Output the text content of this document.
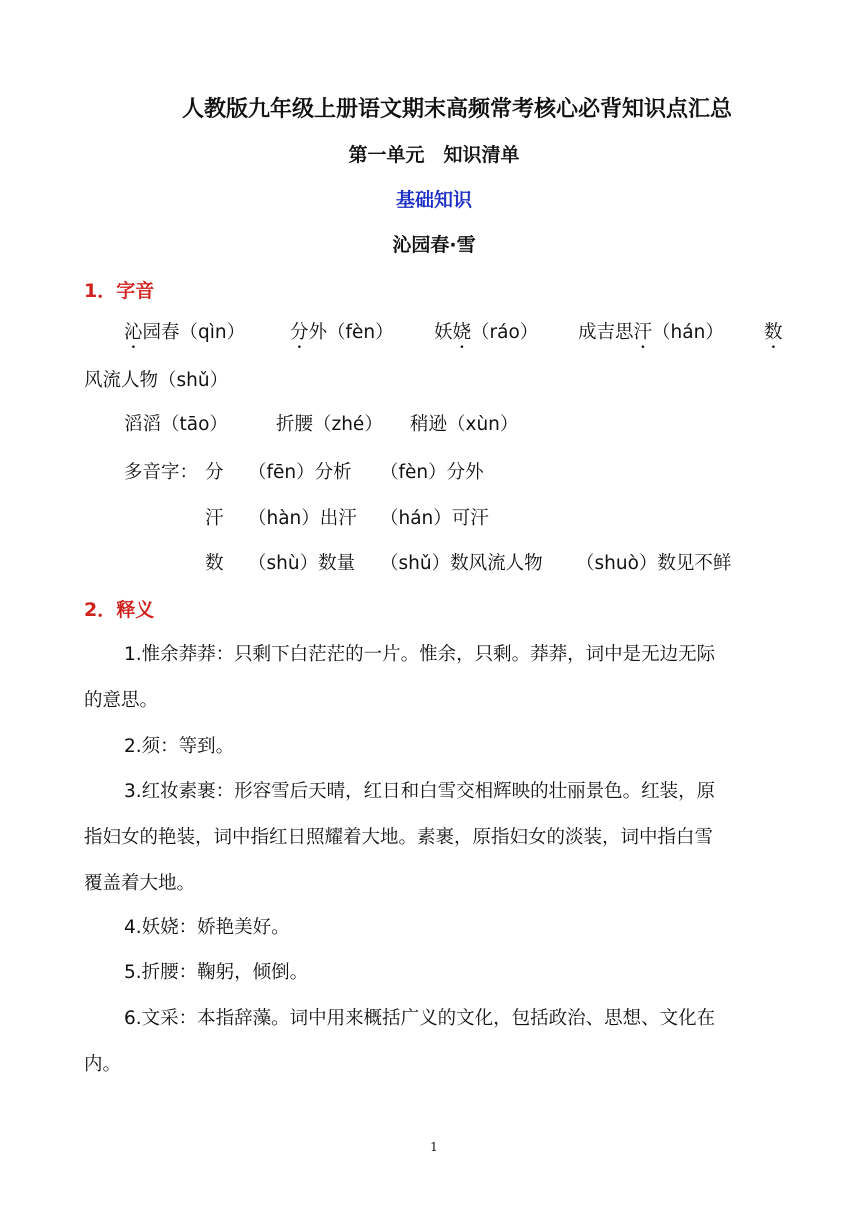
人教版九年级上册语文期末高频常考核心必背知识点汇总
第一单元　知识清单
基础知识
沁园春·雪
1．字音
沁园春（qìn） 分外（fèn） 妖娆（ráo） 成吉思汗（hán） 数
风流人物（shǔ）
滔滔（tāo）	折腰（zhé） 稍逊（xùn）
多音字： 分 （fēn）分析 （fèn）分外
汗 （hàn）出汗 （hán）可汗
数 （shù）数量 （shǔ）数风流人物 （shuò）数见不鲜
2．释义
1.惟余莽莽：只剩下白茫茫的一片。惟余，只剩。莽莽，词中是无边无际
的意思。
2.须：等到。
3.红妆素裹：形容雪后天晴，红日和白雪交相辉映的壮丽景色。红装，原
指妇女的艳装，词中指红日照耀着大地。素裹，原指妇女的淡装，词中指白雪
覆盖着大地。
4.妖娆：娇艳美好。
5.折腰：鞠躬，倾倒。
6.文采：本指辞藻。词中用来概括广义的文化，包括政治、思想、文化在
内。
1
